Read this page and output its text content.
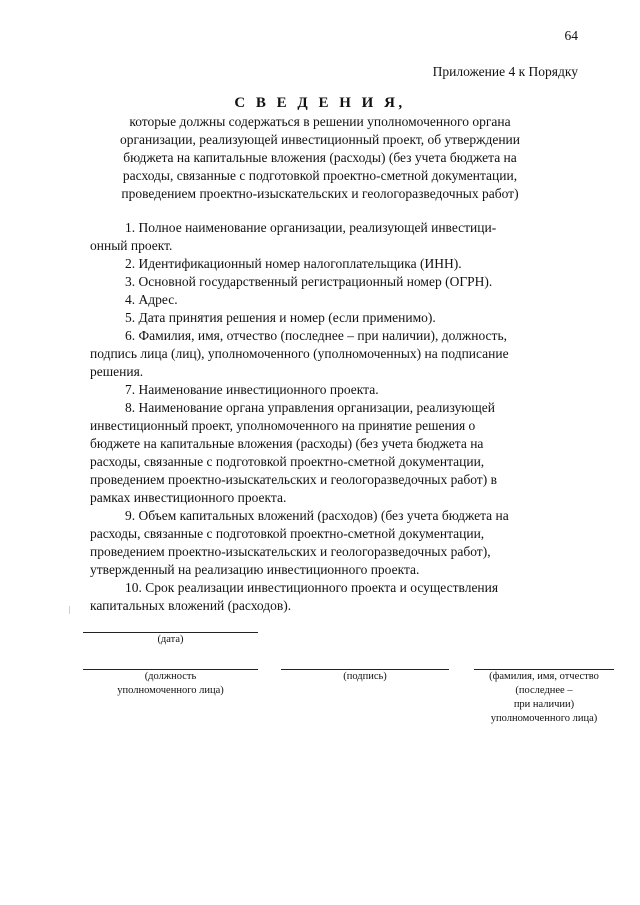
64
Приложение 4 к Порядку
С В Е Д Е Н И Я,
которые должны содержаться в решении уполномоченного органа
организации, реализующей инвестиционный проект, об утверждении
бюджета на капитальные вложения (расходы) (без учета бюджета на
расходы, связанные с подготовкой проектно-сметной документации,
проведением проектно-изыскательских и геологоразведочных работ)
1. Полное наименование организации, реализующей инвестици-
онный проект.
2. Идентификационный номер налогоплательщика (ИНН).
3. Основной государственный регистрационный номер (ОГРН).
4. Адрес.
5. Дата принятия решения и номер (если применимо).
6. Фамилия, имя, отчество (последнее – при наличии), должность,
подпись лица (лиц), уполномоченного (уполномоченных) на подписание
решения.
7. Наименование инвестиционного проекта.
8. Наименование органа управления организации, реализующей
инвестиционный проект, уполномоченного на принятие решения о
бюджете на капитальные вложения (расходы) (без учета бюджета на
расходы, связанные с подготовкой проектно-сметной документации,
проведением проектно-изыскательских и геологоразведочных работ) в
рамках инвестиционного проекта.
9. Объем капитальных вложений (расходов) (без учета бюджета на
расходы, связанные с подготовкой проектно-сметной документации,
проведением проектно-изыскательских и геологоразведочных работ),
утвержденный на реализацию инвестиционного проекта.
10. Срок реализации инвестиционного проекта и осуществления
капитальных вложений (расходов).
(дата)
(должность
уполномоченного лица)
(подпись)	(фамилия, имя, отчество
(последнее –
при наличии)
уполномоченного лица)
